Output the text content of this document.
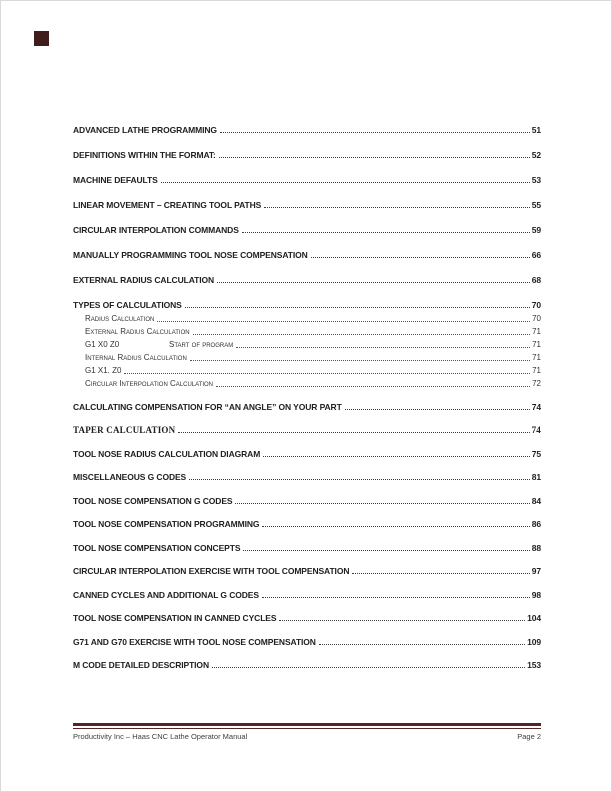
ADVANCED LATHE PROGRAMMING	51
DEFINITIONS WITHIN THE FORMAT:	52
MACHINE DEFAULTS	53
LINEAR MOVEMENT – CREATING TOOL PATHS	55
CIRCULAR INTERPOLATION COMMANDS	59
MANUALLY PROGRAMMING TOOL NOSE COMPENSATION	66
EXTERNAL RADIUS CALCULATION	68
TYPES OF CALCULATIONS	70
Radius Calculation	70
External Radius Calculation	71
G1 X0 Z0	Start of program	71
Internal Radius Calculation	71
G1 X1. Z0	71
Circular Interpolation Calculation	72
CALCULATING COMPENSATION FOR “AN ANGLE” ON YOUR PART	74
TAPER CALCULATION	74
TOOL NOSE RADIUS CALCULATION DIAGRAM	75
MISCELLANEOUS G CODES	81
TOOL NOSE COMPENSATION G CODES	84
TOOL NOSE COMPENSATION PROGRAMMING	86
TOOL NOSE COMPENSATION CONCEPTS	88
CIRCULAR INTERPOLATION EXERCISE WITH TOOL COMPENSATION	97
CANNED CYCLES AND ADDITIONAL G CODES	98
TOOL NOSE COMPENSATION IN CANNED CYCLES	104
G71 AND G70 EXERCISE WITH TOOL NOSE COMPENSATION	109
M CODE DETAILED DESCRIPTION	153
Productivity Inc – Haas CNC Lathe Operator Manual	Page 2
